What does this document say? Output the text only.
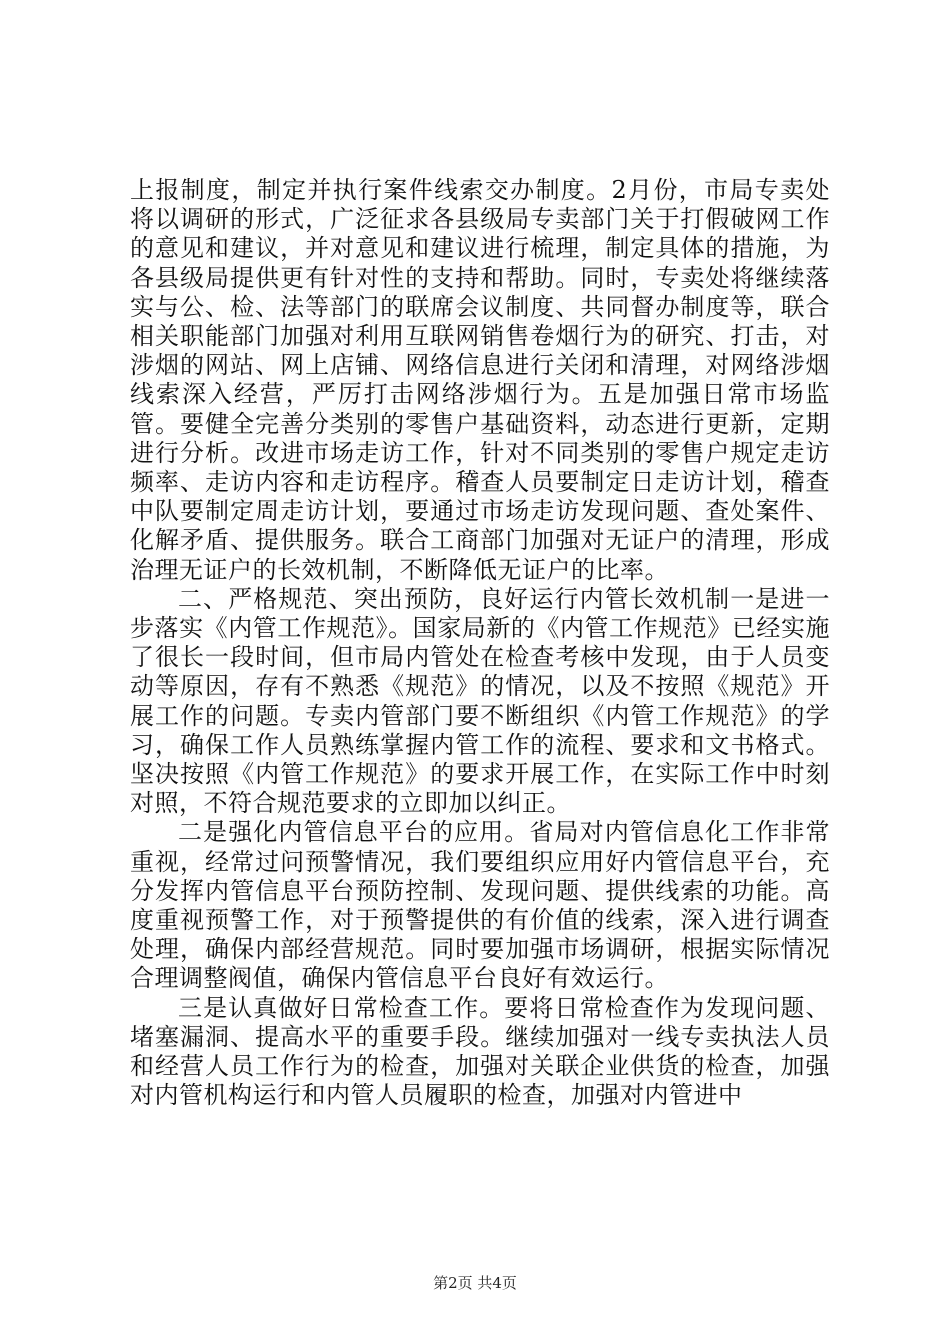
上报制度，制定并执行案件线索交办制度。2月份，市局专卖处将以调研的形式，广泛征求各县级局专卖部门关于打假破网工作的意见和建议，并对意见和建议进行梳理，制定具体的措施，为各县级局提供更有针对性的支持和帮助。同时，专卖处将继续落实与公、检、法等部门的联席会议制度、共同督办制度等，联合相关职能部门加强对利用互联网销售卷烟行为的研究、打击，对涉烟的网站、网上店铺、网络信息进行关闭和清理，对网络涉烟线索深入经营，严厉打击网络涉烟行为。五是加强日常市场监管。要健全完善分类别的零售户基础资料，动态进行更新，定期进行分析。改进市场走访工作，针对不同类别的零售户规定走访频率、走访内容和走访程序。稽查人员要制定日走访计划，稽查中队要制定周走访计划，要通过市场走访发现问题、查处案件、化解矛盾、提供服务。联合工商部门加强对无证户的清理，形成治理无证户的长效机制，不断降低无证户的比率。

二、严格规范、突出预防，良好运行内管长效机制一是进一步落实《内管工作规范》。国家局新的《内管工作规范》已经实施了很长一段时间，但市局内管处在检查考核中发现，由于人员变动等原因，存有不熟悉《规范》的情况，以及不按照《规范》开展工作的问题。专卖内管部门要不断组织《内管工作规范》的学习，确保工作人员熟练掌握内管工作的流程、要求和文书格式。坚决按照《内管工作规范》的要求开展工作，在实际工作中时刻对照，不符合规范要求的立即加以纠正。

二是强化内管信息平台的应用。省局对内管信息化工作非常重视，经常过问预警情况，我们要组织应用好内管信息平台，充分发挥内管信息平台预防控制、发现问题、提供线索的功能。高度重视预警工作，对于预警提供的有价值的线索，深入进行调查处理，确保内部经营规范。同时要加强市场调研，根据实际情况合理调整阀值，确保内管信息平台良好有效运行。

三是认真做好日常检查工作。要将日常检查作为发现问题、堵塞漏洞、提高水平的重要手段。继续加强对一线专卖执法人员和经营人员工作行为的检查，加强对关联企业供货的检查，加强对内管机构运行和内管人员履职的检查，加强对内管进中

第2页 共4页
